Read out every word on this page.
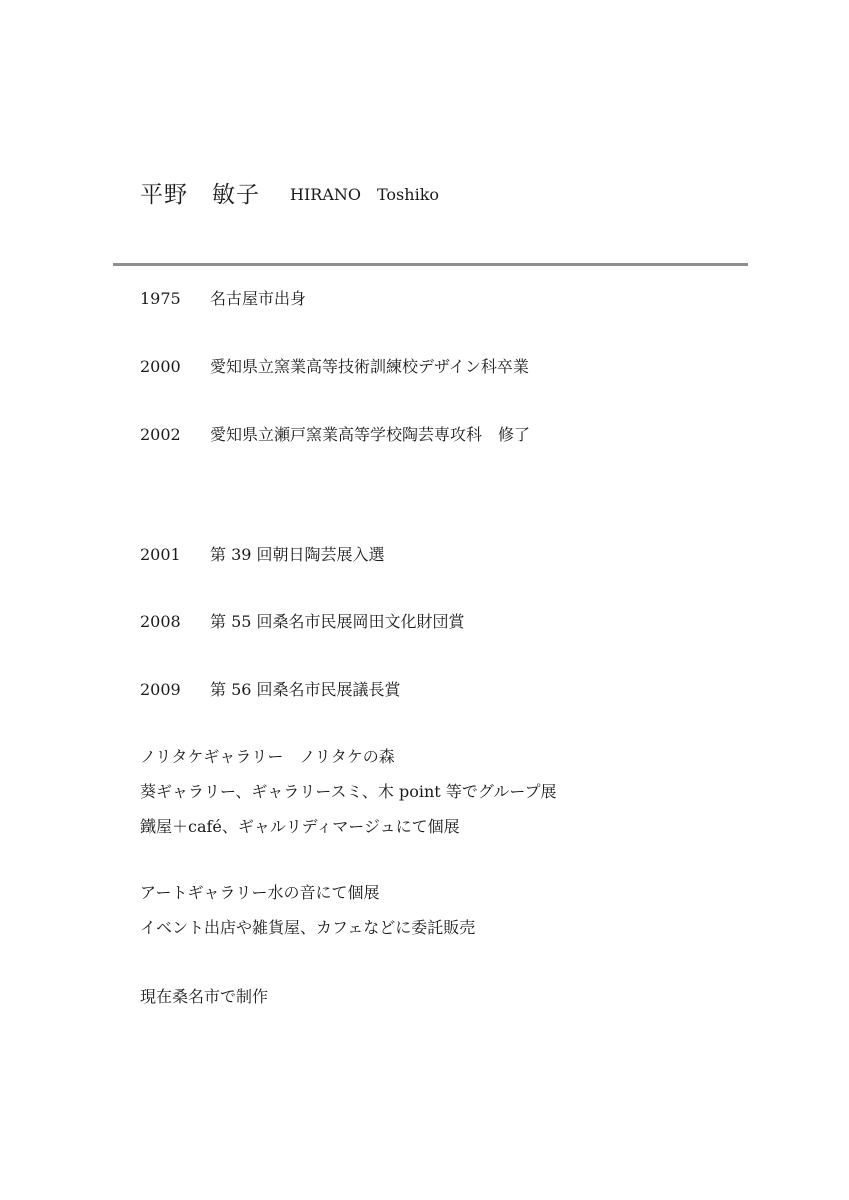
平野　敏子 HIRANO　Toshiko
1975 名古屋市出身
2000 愛知県立窯業高等技術訓練校デザイン科卒業
2002 愛知県立瀬戸窯業高等学校陶芸専攻科　修了
2001 第 39 回朝日陶芸展入選
2008 第 55 回桑名市民展岡田文化財団賞
2009 第 56 回桑名市民展議長賞
ノリタケギャラリー　ノリタケの森
葵ギャラリー、ギャラリースミ、木 point 等でグループ展
鐵屋＋café、ギャルリディマージュにて個展
アートギャラリー水の音にて個展
イベント出店や雑貨屋、カフェなどに委託販売
現在桑名市で制作
